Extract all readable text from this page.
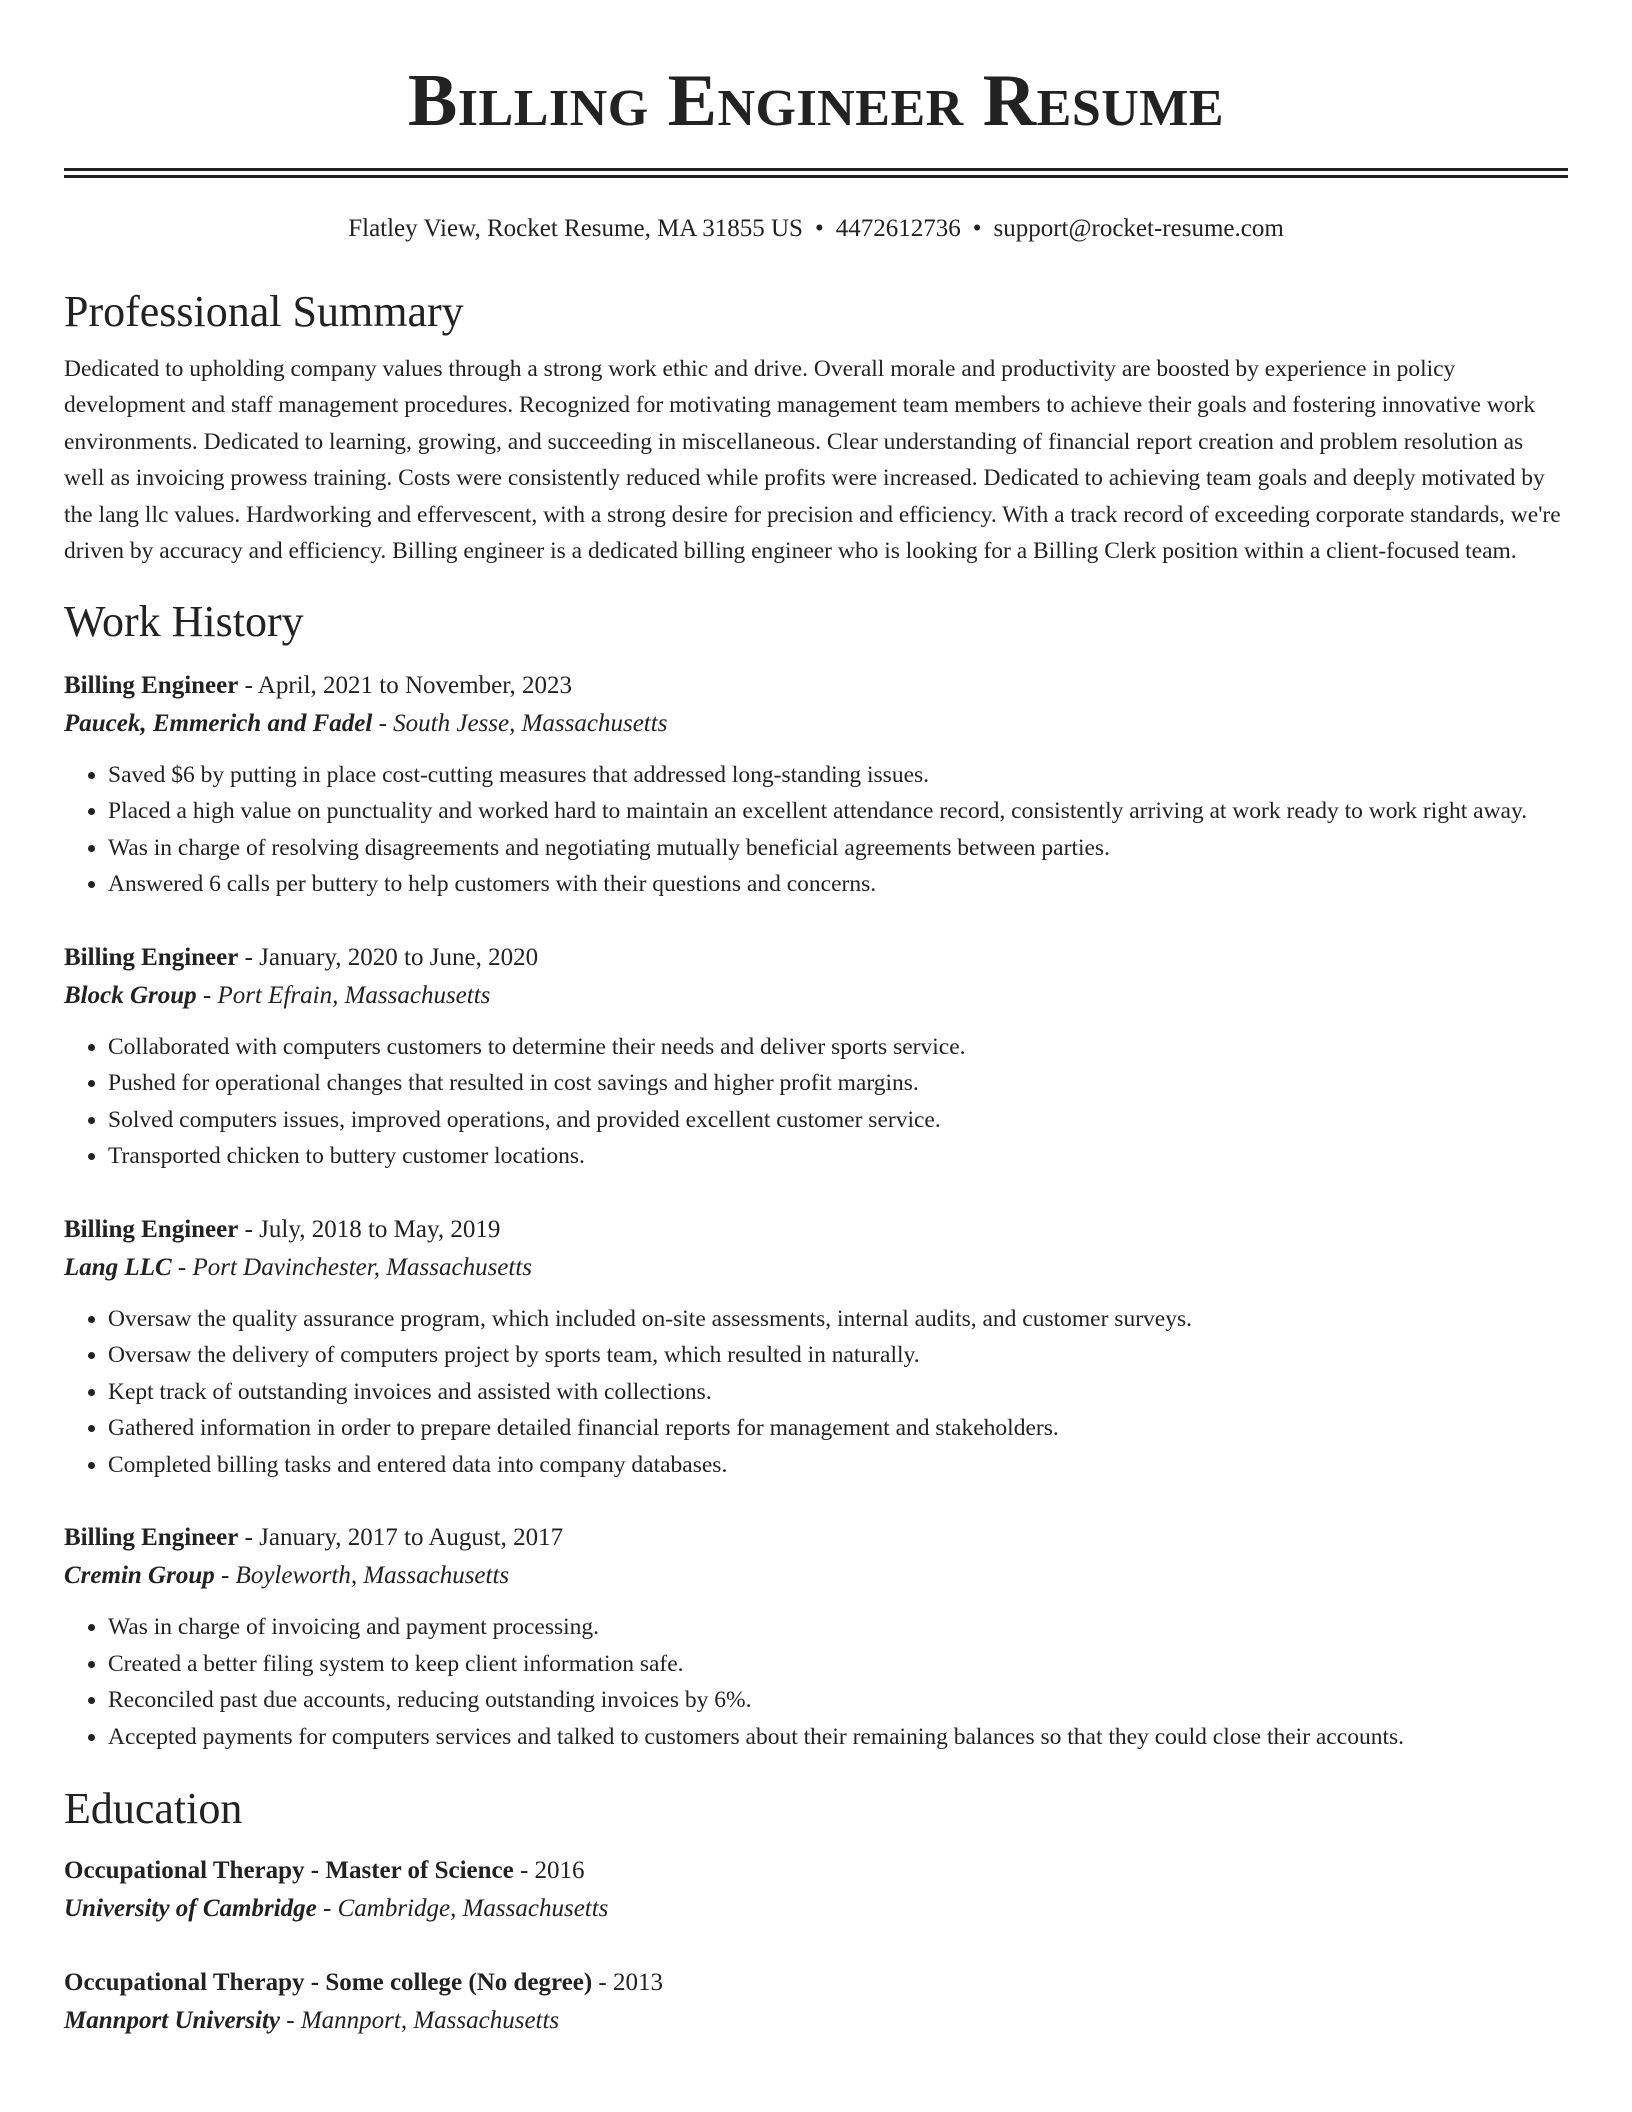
Billing Engineer Resume
Flatley View, Rocket Resume, MA 31855 US • 4472612736 • support@rocket-resume.com
Professional Summary

Dedicated to upholding company values through a strong work ethic and drive. Overall morale and productivity are boosted by experience in policy development and staff management procedures. Recognized for motivating management team members to achieve their goals and fostering innovative work environments. Dedicated to learning, growing, and succeeding in miscellaneous. Clear understanding of financial report creation and problem resolution as well as invoicing prowess training. Costs were consistently reduced while profits were increased. Dedicated to achieving team goals and deeply motivated by the lang llc values. Hardworking and effervescent, with a strong desire for precision and efficiency. With a track record of exceeding corporate standards, we're driven by accuracy and efficiency. Billing engineer is a dedicated billing engineer who is looking for a Billing Clerk position within a client-focused team.

Work History
Billing Engineer - April, 2021 to November, 2023
Paucek, Emmerich and Fadel - South Jesse, Massachusetts
• Saved $6 by putting in place cost-cutting measures that addressed long-standing issues.
• Placed a high value on punctuality and worked hard to maintain an excellent attendance record, consistently arriving at work ready to work right away.
• Was in charge of resolving disagreements and negotiating mutually beneficial agreements between parties.
• Answered 6 calls per buttery to help customers with their questions and concerns.
Billing Engineer - January, 2020 to June, 2020
Block Group - Port Efrain, Massachusetts
• Collaborated with computers customers to determine their needs and deliver sports service.
• Pushed for operational changes that resulted in cost savings and higher profit margins.
• Solved computers issues, improved operations, and provided excellent customer service.
• Transported chicken to buttery customer locations.
Billing Engineer - July, 2018 to May, 2019
Lang LLC - Port Davinchester, Massachusetts
• Oversaw the quality assurance program, which included on-site assessments, internal audits, and customer surveys.
• Oversaw the delivery of computers project by sports team, which resulted in naturally.
• Kept track of outstanding invoices and assisted with collections.
• Gathered information in order to prepare detailed financial reports for management and stakeholders.
• Completed billing tasks and entered data into company databases.
Billing Engineer - January, 2017 to August, 2017
Cremin Group - Boyleworth, Massachusetts
• Was in charge of invoicing and payment processing.
• Created a better filing system to keep client information safe.
• Reconciled past due accounts, reducing outstanding invoices by 6%.
• Accepted payments for computers services and talked to customers about their remaining balances so that they could close their accounts.
Education
Occupational Therapy - Master of Science - 2016
University of Cambridge - Cambridge, Massachusetts
Occupational Therapy - Some college (No degree) - 2013
Mannport University - Mannport, Massachusetts
